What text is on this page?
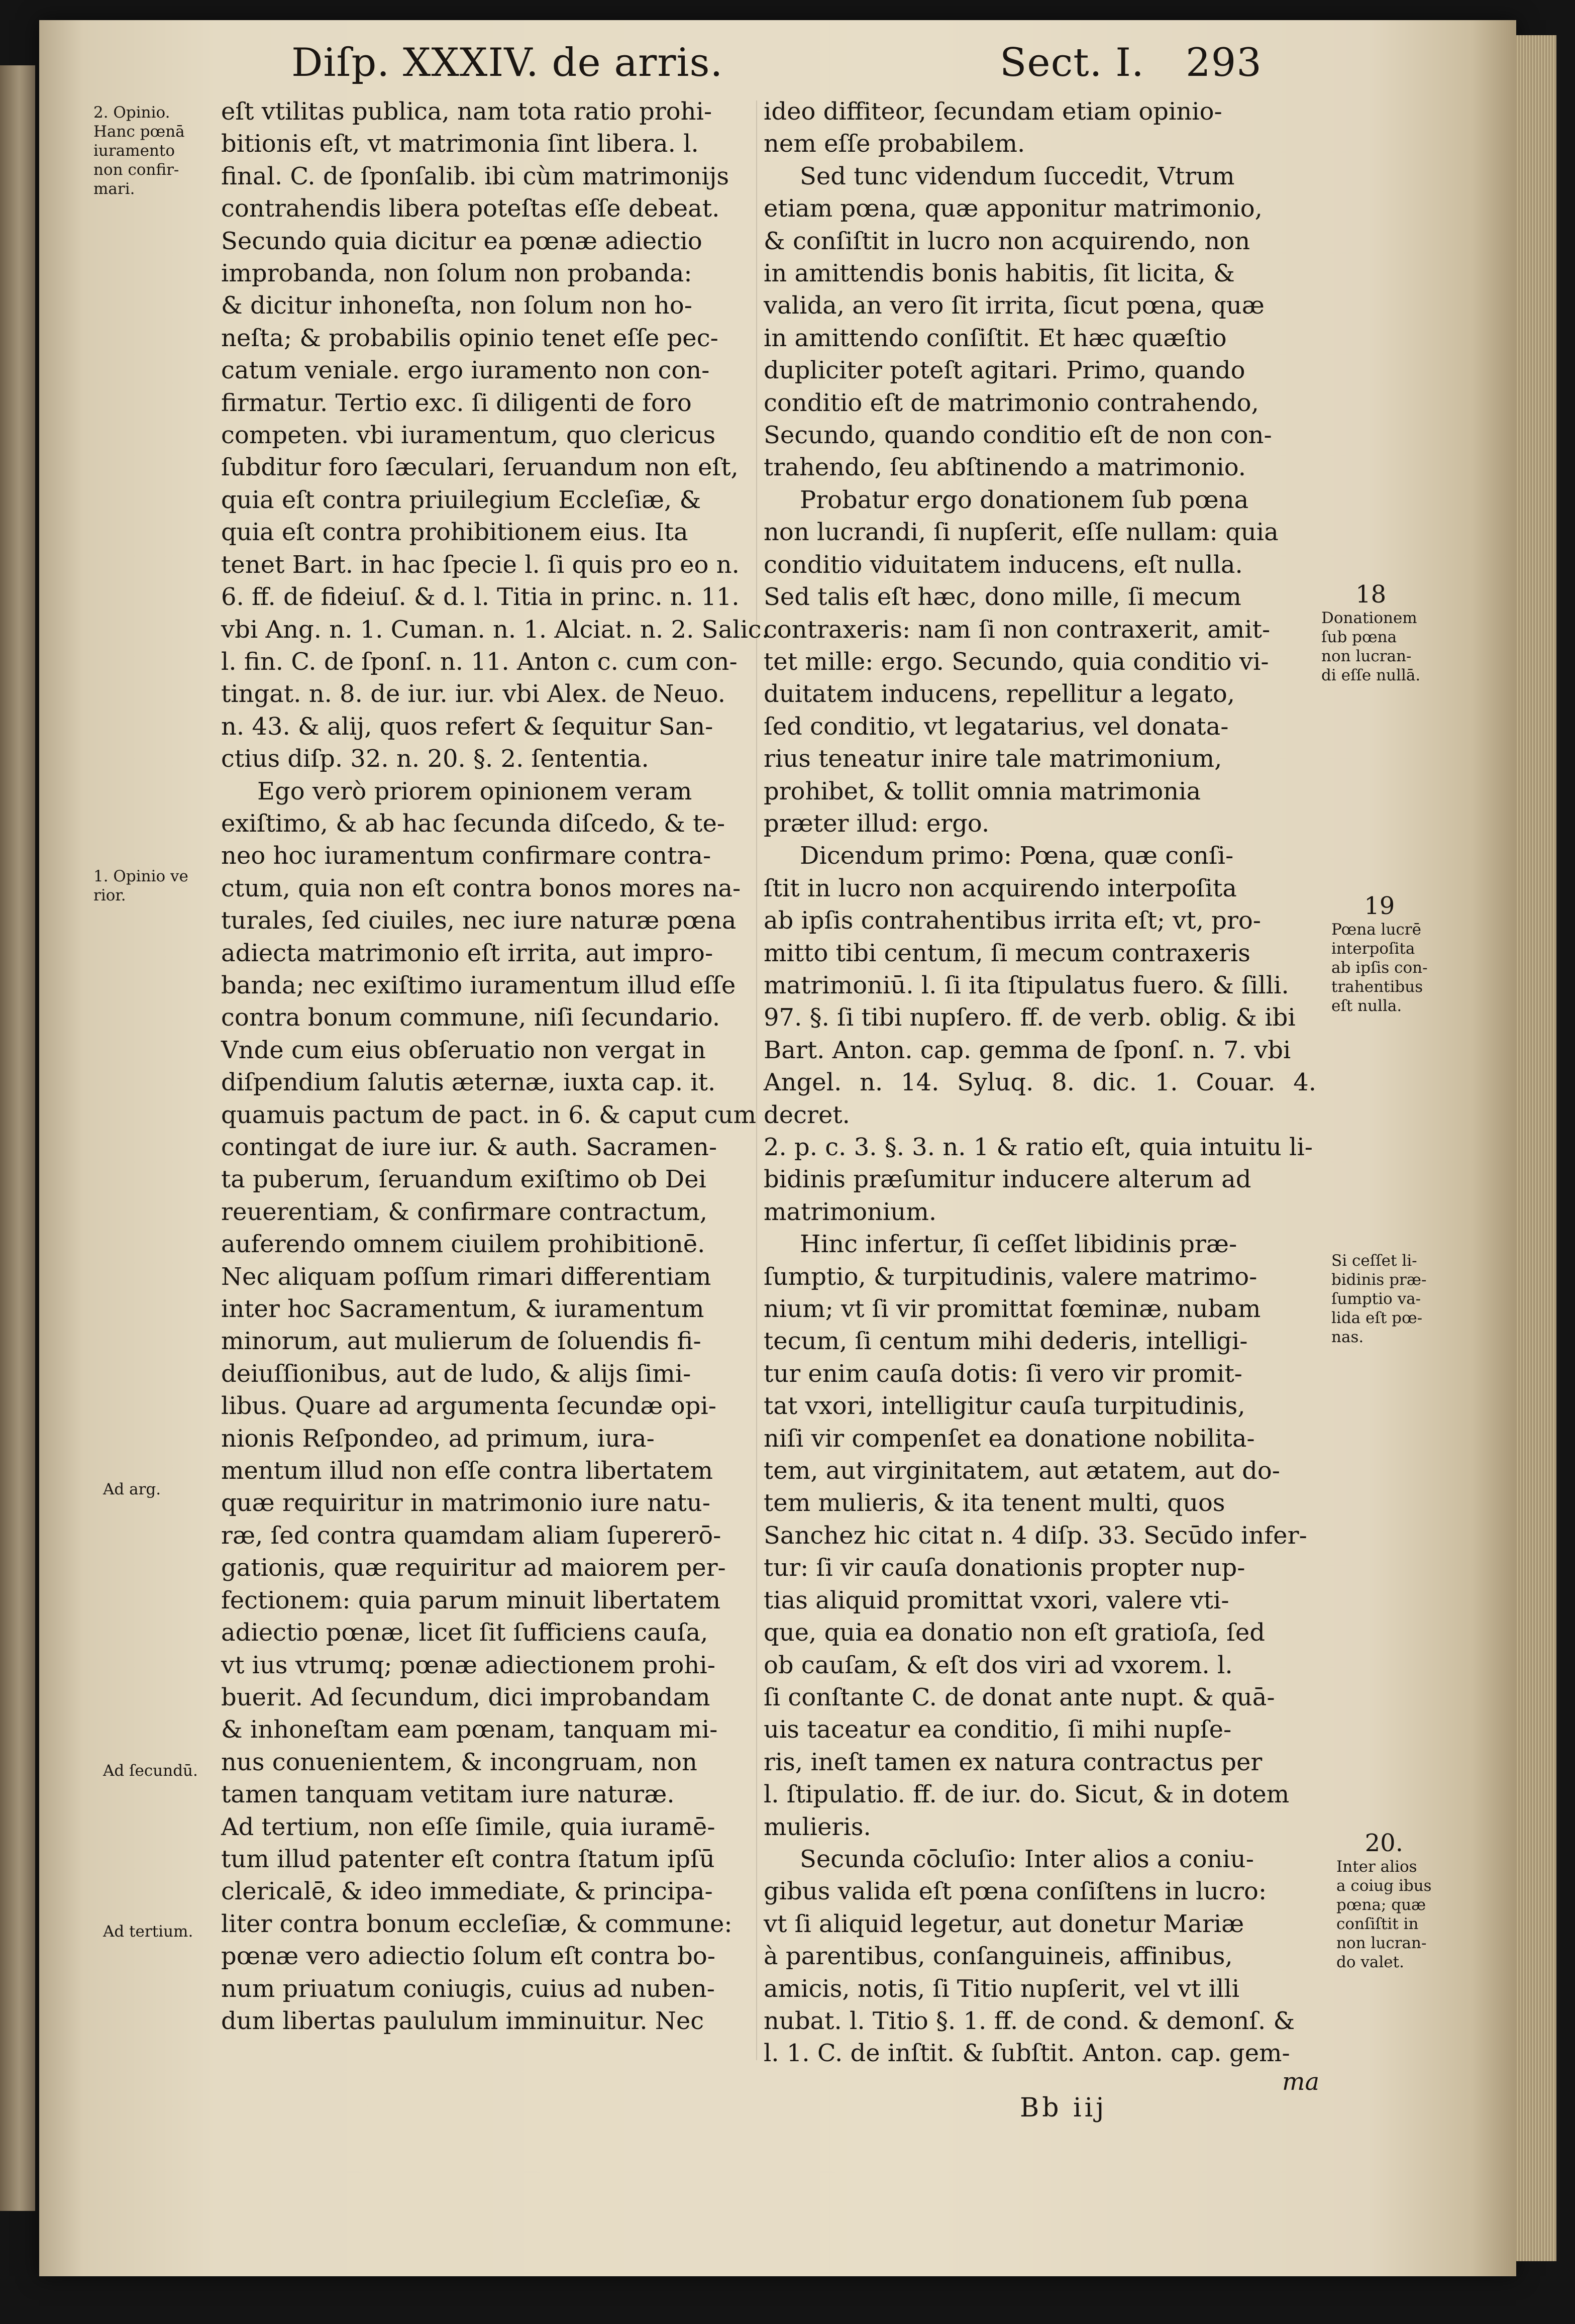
Diſp. XXXIV. de arris.	Sect. I. 293

eſt vtilitas publica, nam tota ratio prohi-

bitionis eſt, vt matrimonia ſint libera. l.

final. C. de ſponſalib. ibi cùm matrimonijs

contrahendis libera poteſtas eſſe debeat.

Secundo quia dicitur ea pœnæ adiectio

improbanda, non ſolum non probanda:

& dicitur inhoneſta, non ſolum non ho-

neſta; & probabilis opinio tenet eſſe pec-

catum veniale. ergo iuramento non con-

firmatur. Tertio exc. ſi diligenti de foro

competen. vbi iuramentum, quo clericus

ſubditur foro ſæculari, ſeruandum non eſt,

quia eſt contra priuilegium Eccleſiæ, &

quia eſt contra prohibitionem eius. Ita

tenet Bart. in hac ſpecie l. ſi quis pro eo n.

6. ff. de fideiuſ. & d. l. Titia in princ. n. 11.

vbi Ang. n. 1. Cuman. n. 1. Alciat. n. 2. Salic.

l. fin. C. de ſponſ. n. 11. Anton c. cum con-

tingat. n. 8. de iur. iur. vbi Alex. de Neuo.

n. 43. & alij, quos refert & ſequitur San-

ctius diſp. 32. n. 20. §. 2. ſententia.

Ego verò priorem opinionem veram

exiſtimo, & ab hac ſecunda diſcedo, & te-

neo hoc iuramentum confirmare contra-

ctum, quia non eſt contra bonos mores na-

turales, ſed ciuiles, nec iure naturæ pœna

adiecta matrimonio eſt irrita, aut impro-

banda; nec exiſtimo iuramentum illud eſſe

contra bonum commune, niſi ſecundario.

Vnde cum eius obſeruatio non vergat in

diſpendium ſalutis æternæ, iuxta cap. it.

quamuis pactum de pact. in 6. & caput cum

contingat de iure iur. & auth. Sacramen-

ta puberum, ſeruandum exiſtimo ob Dei

reuerentiam, & confirmare contractum,

auferendo omnem ciuilem prohibitionē.

Nec aliquam poſſum rimari differentiam

inter hoc Sacramentum, & iuramentum

minorum, aut mulierum de ſoluendis fi-

deiuſſionibus, aut de ludo, & alijs ſimi-

libus. Quare ad argumenta ſecundæ opi-

nionis Reſpondeo, ad primum, iura-

mentum illud non eſſe contra libertatem

quæ requiritur in matrimonio iure natu-

ræ, ſed contra quamdam aliam ſupererō-

gationis, quæ requiritur ad maiorem per-

fectionem: quia parum minuit libertatem

adiectio pœnæ, licet ſit ſufficiens cauſa,

vt ius vtrumq; pœnæ adiectionem prohi-

buerit. Ad ſecundum, dici improbandam

& inhoneſtam eam pœnam, tanquam mi-

nus conuenientem, & incongruam, non

tamen tanquam vetitam iure naturæ.

Ad tertium, non eſſe ſimile, quia iuramē-

tum illud patenter eſt contra ſtatum ipſū

clericalē, & ideo immediate, & principa-

liter contra bonum eccleſiæ, & commune:

pœnæ vero adiectio ſolum eſt contra bo-

num priuatum coniugis, cuius ad nuben-

dum libertas paululum imminuitur. Nec

ideo diffiteor, ſecundam etiam opinio-

nem eſſe probabilem.

Sed tunc videndum ſuccedit, Vtrum

etiam pœna, quæ apponitur matrimonio,

& conſiſtit in lucro non acquirendo, non

in amittendis bonis habitis, ſit licita, &

valida, an vero ſit irrita, ſicut pœna, quæ

in amittendo conſiſtit. Et hæc quæſtio

dupliciter poteſt agitari. Primo, quando

conditio eſt de matrimonio contrahendo,

Secundo, quando conditio eſt de non con-

trahendo, ſeu abſtinendo a matrimonio.

Probatur ergo donationem ſub pœna

non lucrandi, ſi nupſerit, eſſe nullam: quia

conditio viduitatem inducens, eſt nulla.

Sed talis eſt hæc, dono mille, ſi mecum

contraxeris: nam ſi non contraxerit, amit-

tet mille: ergo. Secundo, quia conditio vi-

duitatem inducens, repellitur a legato,

ſed conditio, vt legatarius, vel donata-

rius teneatur inire tale matrimonium,

prohibet, & tollit omnia matrimonia

præter illud: ergo.

Dicendum primo: Pœna, quæ conſi-

ſtit in lucro non acquirendo interpoſita

ab ipſis contrahentibus irrita eſt; vt, pro-

mitto tibi centum, ſi mecum contraxeris

matrimoniū. l. ſi ita ſtipulatus fuero. & ſilli.

97. §. ſi tibi nupſero. ff. de verb. oblig. & ibi

Bart. Anton. cap. gemma de ſponſ. n. 7. vbi

Angel. n. 14. Syluq. 8. dic. 1. Couar. 4. decret.

2. p. c. 3. §. 3. n. 1 & ratio eſt, quia intuitu li-

bidinis præſumitur inducere alterum ad

matrimonium.

Hinc infertur, ſi ceſſet libidinis præ-

ſumptio, & turpitudinis, valere matrimo-

nium; vt ſi vir promittat fœminæ, nubam

tecum, ſi centum mihi dederis, intelligi-

tur enim cauſa dotis: ſi vero vir promit-

tat vxori, intelligitur cauſa turpitudinis,

niſi vir compenſet ea donatione nobilita-

tem, aut virginitatem, aut ætatem, aut do-

tem mulieris, & ita tenent multi, quos

Sanchez hic citat n. 4 diſp. 33. Secūdo infer-

tur: ſi vir cauſa donationis propter nup-

tias aliquid promittat vxori, valere vti-

que, quia ea donatio non eſt gratioſa, ſed

ob cauſam, & eſt dos viri ad vxorem. l.

ſi conſtante C. de donat ante nupt. & quā-

uis taceatur ea conditio, ſi mihi nupſe-

ris, ineſt tamen ex natura contractus per

l. ſtipulatio. ff. de iur. do. Sicut, & in dotem

mulieris.

Secunda cōcluſio: Inter alios a coniu-

gibus valida eſt pœna conſiſtens in lucro:

vt ſi aliquid legetur, aut donetur Mariæ

à parentibus, conſanguineis, affinibus,

amicis, notis, ſi Titio nupſerit, vel vt illi

nubat. l. Titio §. 1. ff. de cond. & demonſ. &

l. 1. C. de inſtit. & ſubſtit. Anton. cap. gem-

2. Opinio.
Hanc pœnā
iuramento
non confir-
mari.
1. Opinio ve
rior.
Ad arg.
Ad ſecundū.
Ad tertium.
18
Donationem
ſub pœna
non lucran-
di eſſe nullā.
19
Pœna lucrē
interpoſita
ab ipſis con-
trahentibus
eſt nulla.
Si ceſſet li-
bidinis præ-
ſumptio va-
lida eſt pœ-
nas.
20.
Inter alios
a coiug ibus
pœna; quæ
conſiſtit in
non lucran-
do valet.
Bb iij
ma
